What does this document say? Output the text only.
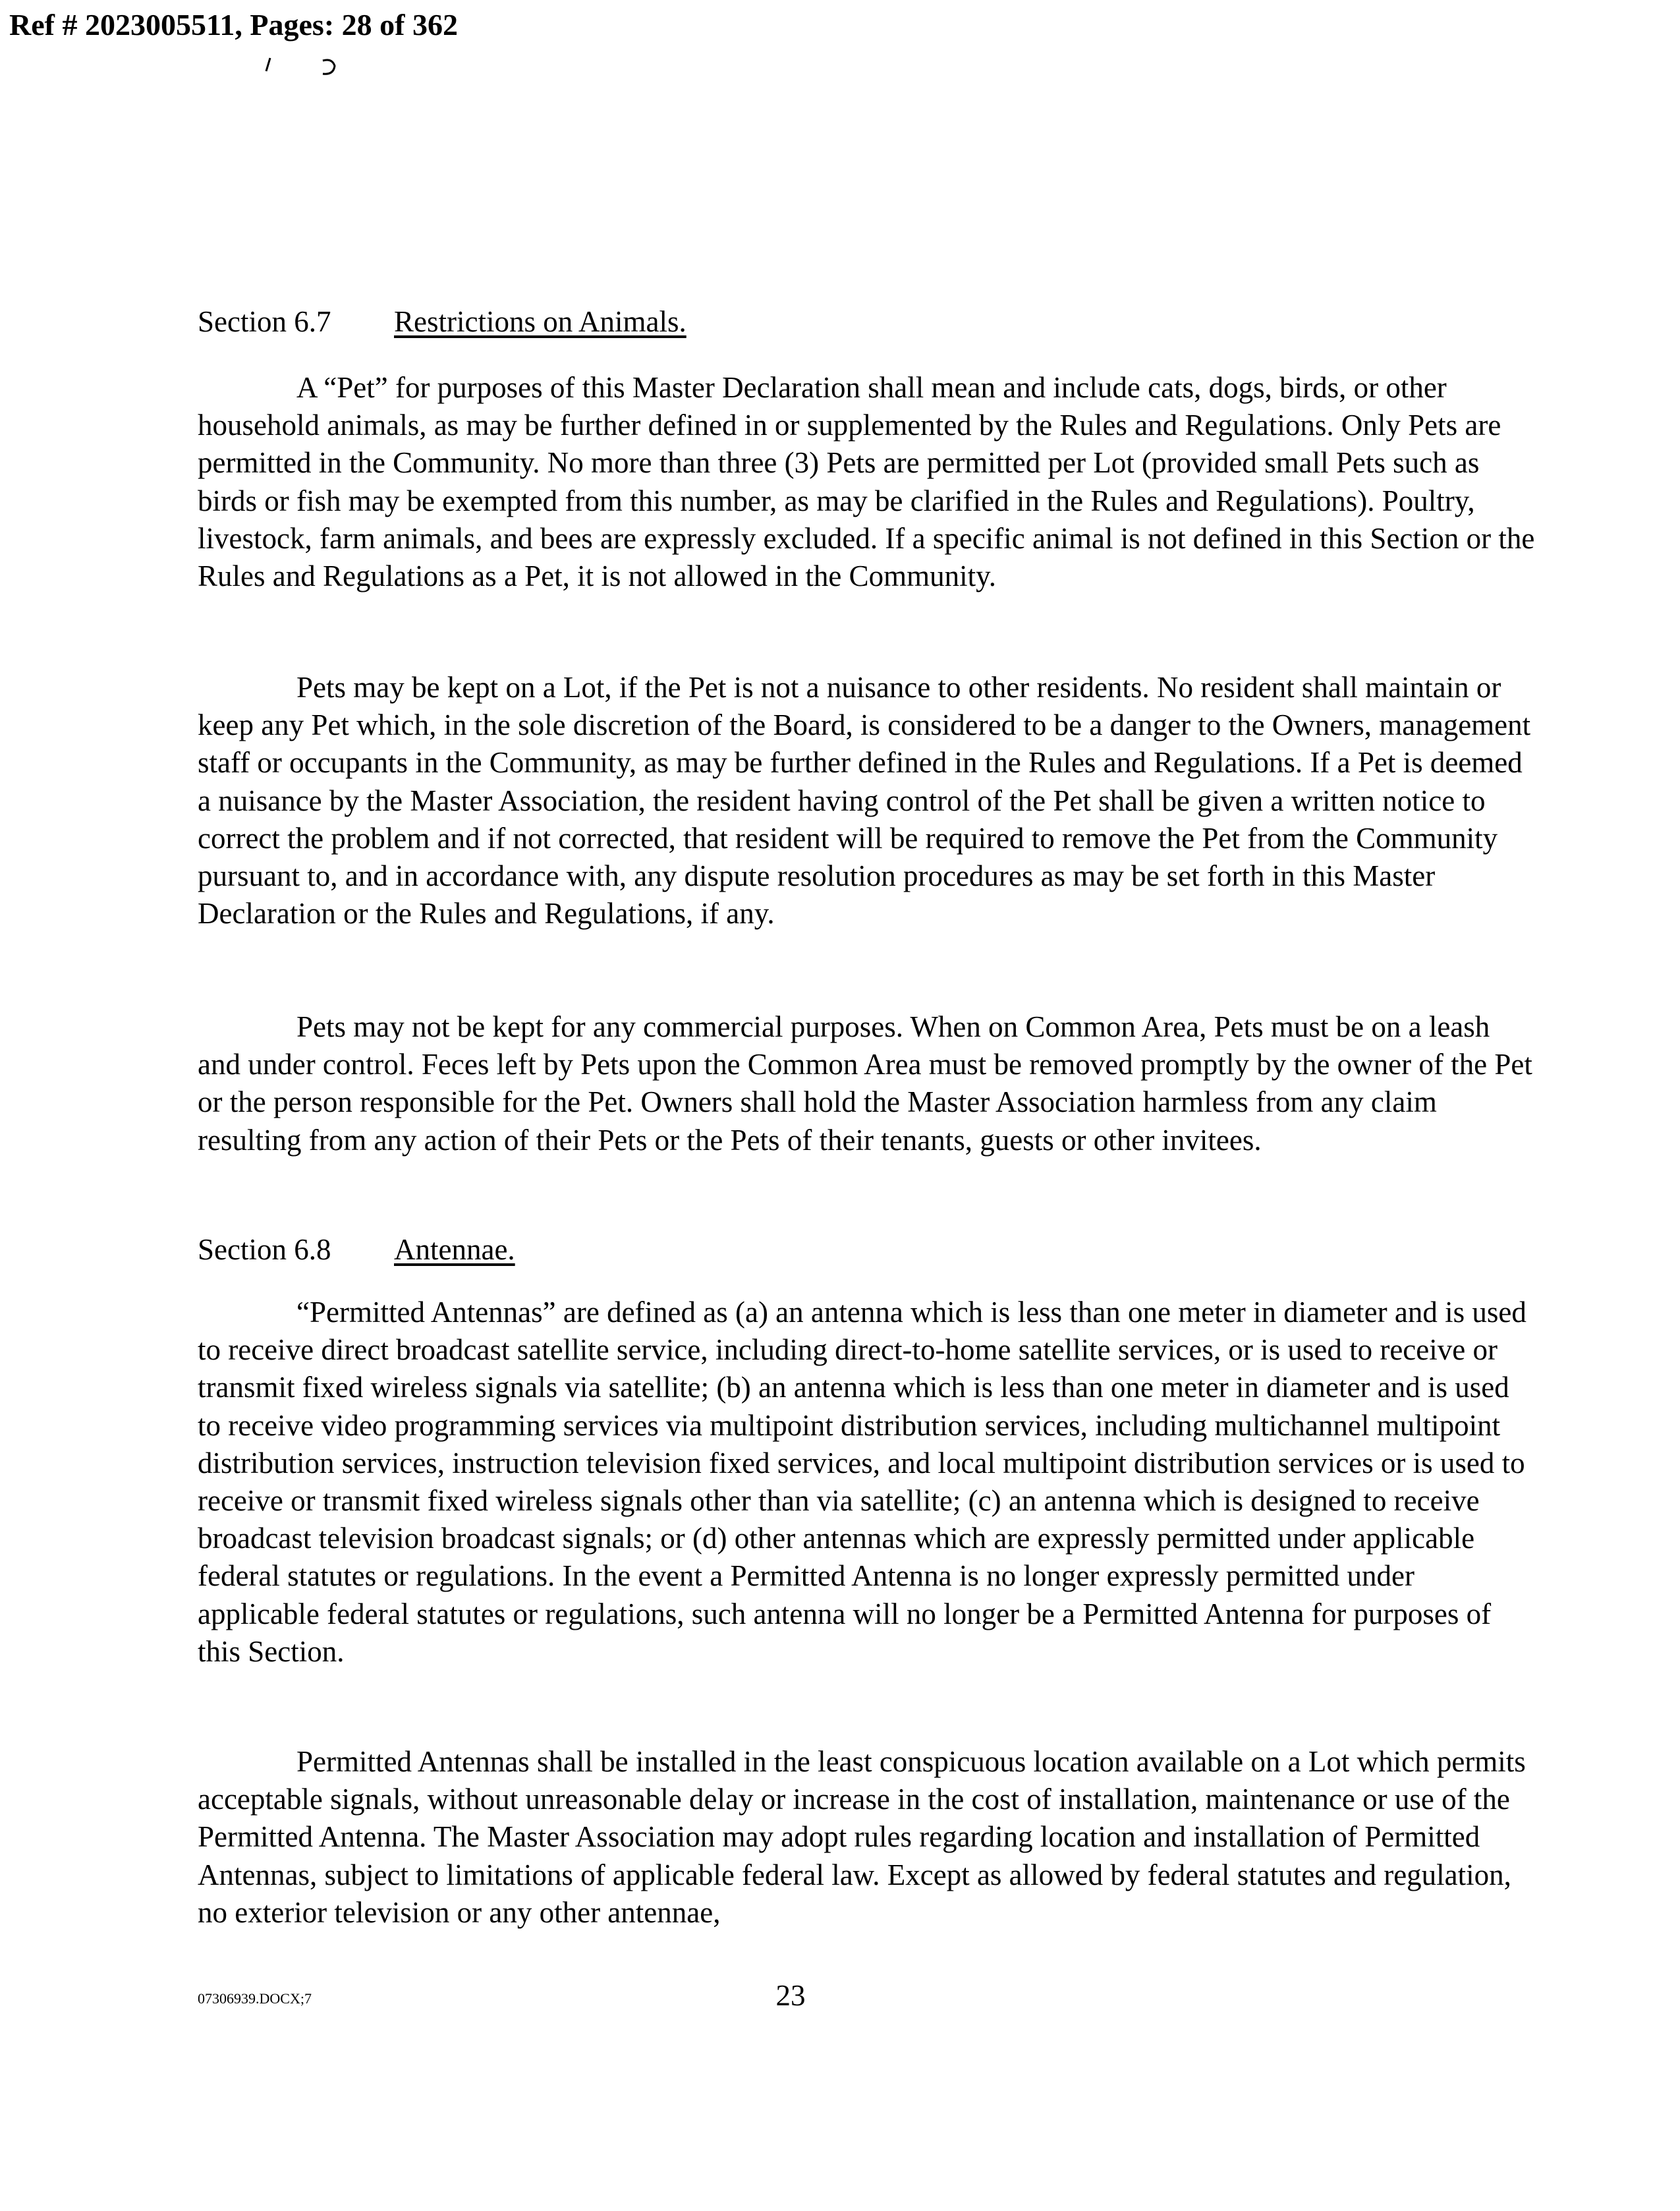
Ref # 2023005511, Pages: 28 of 362
Section 6.7 Restrictions on Animals.

A “Pet” for purposes of this Master Declaration shall mean and include cats, dogs, birds, or other household animals, as may be further defined in or supplemented by the Rules and Regulations. Only Pets are permitted in the Community. No more than three (3) Pets are permitted per Lot (provided small Pets such as birds or fish may be exempted from this number, as may be clarified in the Rules and Regulations). Poultry, livestock, farm animals, and bees are expressly excluded. If a specific animal is not defined in this Section or the Rules and Regulations as a Pet, it is not allowed in the Community.

Pets may be kept on a Lot, if the Pet is not a nuisance to other residents. No resident shall maintain or keep any Pet which, in the sole discretion of the Board, is considered to be a danger to the Owners, management staff or occupants in the Community, as may be further defined in the Rules and Regulations. If a Pet is deemed a nuisance by the Master Association, the resident having control of the Pet shall be given a written notice to correct the problem and if not corrected, that resident will be required to remove the Pet from the Community pursuant to, and in accordance with, any dispute resolution procedures as may be set forth in this Master Declaration or the Rules and Regulations, if any.

Pets may not be kept for any commercial purposes. When on Common Area, Pets must be on a leash and under control. Feces left by Pets upon the Common Area must be removed promptly by the owner of the Pet or the person responsible for the Pet. Owners shall hold the Master Association harmless from any claim resulting from any action of their Pets or the Pets of their tenants, guests or other invitees.

Section 6.8 Antennae.

“Permitted Antennas” are defined as (a) an antenna which is less than one meter in diameter and is used to receive direct broadcast satellite service, including direct-to-home satellite services, or is used to receive or transmit fixed wireless signals via satellite; (b) an antenna which is less than one meter in diameter and is used to receive video programming services via multipoint distribution services, including multichannel multipoint distribution services, instruction television fixed services, and local multipoint distribution services or is used to receive or transmit fixed wireless signals other than via satellite; (c) an antenna which is designed to receive broadcast television broadcast signals; or (d) other antennas which are expressly permitted under applicable federal statutes or regulations. In the event a Permitted Antenna is no longer expressly permitted under applicable federal statutes or regulations, such antenna will no longer be a Permitted Antenna for purposes of this Section.

Permitted Antennas shall be installed in the least conspicuous location available on a Lot which permits acceptable signals, without unreasonable delay or increase in the cost of installation, maintenance or use of the Permitted Antenna. The Master Association may adopt rules regarding location and installation of Permitted Antennas, subject to limitations of applicable federal law. Except as allowed by federal statutes and regulation, no exterior television or any other antennae,

07306939.DOCX;7	23
